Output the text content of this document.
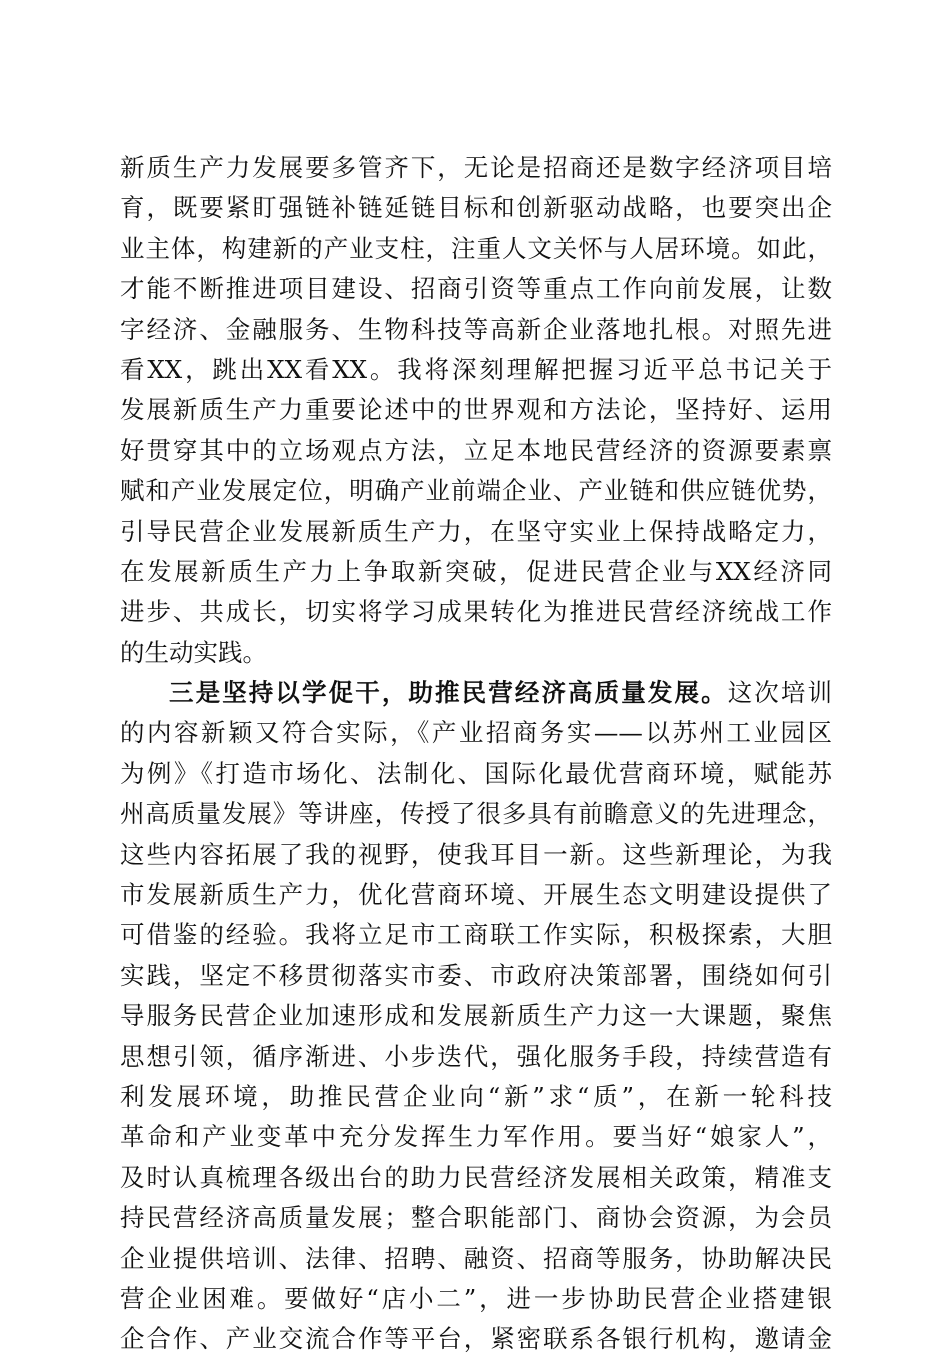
新质生产力发展要多管齐下，无论是招商还是数字经济项目培
育，既要紧盯强链补链延链目标和创新驱动战略，也要突出企
业主体，构建新的产业支柱，注重人文关怀与人居环境。如此，
才能不断推进项目建设、招商引资等重点工作向前发展，让数
字经济、金融服务、生物科技等高新企业落地扎根。对照先进
看XX，跳出XX看XX。我将深刻理解把握习近平总书记关于
发展新质生产力重要论述中的世界观和方法论，坚持好、运用
好贯穿其中的立场观点方法，立足本地民营经济的资源要素禀
赋和产业发展定位，明确产业前端企业、产业链和供应链优势，
引导民营企业发展新质生产力，在坚守实业上保持战略定力，
在发展新质生产力上争取新突破，促进民营企业与XX经济同
进步、共成长，切实将学习成果转化为推进民营经济统战工作
的生动实践。
三是坚持以学促干，助推民营经济高质量发展。这次培训
的内容新颖又符合实际，《产业招商务实——以苏州工业园区
为例》《打造市场化、法制化、国际化最优营商环境，赋能苏
州高质量发展》等讲座，传授了很多具有前瞻意义的先进理念，
这些内容拓展了我的视野，使我耳目一新。这些新理论，为我
市发展新质生产力，优化营商环境、开展生态文明建设提供了
可借鉴的经验。我将立足市工商联工作实际，积极探索，大胆
实践，坚定不移贯彻落实市委、市政府决策部署，围绕如何引
导服务民营企业加速形成和发展新质生产力这一大课题，聚焦
思想引领，循序渐进、小步迭代，强化服务手段，持续营造有
利发展环境，助推民营企业向“新”求“质”，在新一轮科技
革命和产业变革中充分发挥生力军作用。要当好“娘家人”，
及时认真梳理各级出台的助力民营经济发展相关政策，精准支
持民营经济高质量发展；整合职能部门、商协会资源，为会员
企业提供培训、法律、招聘、融资、招商等服务，协助解决民
营企业困难。要做好“店小二”，进一步协助民营企业搭建银
企合作、产业交流合作等平台，紧密联系各银行机构，邀请金
